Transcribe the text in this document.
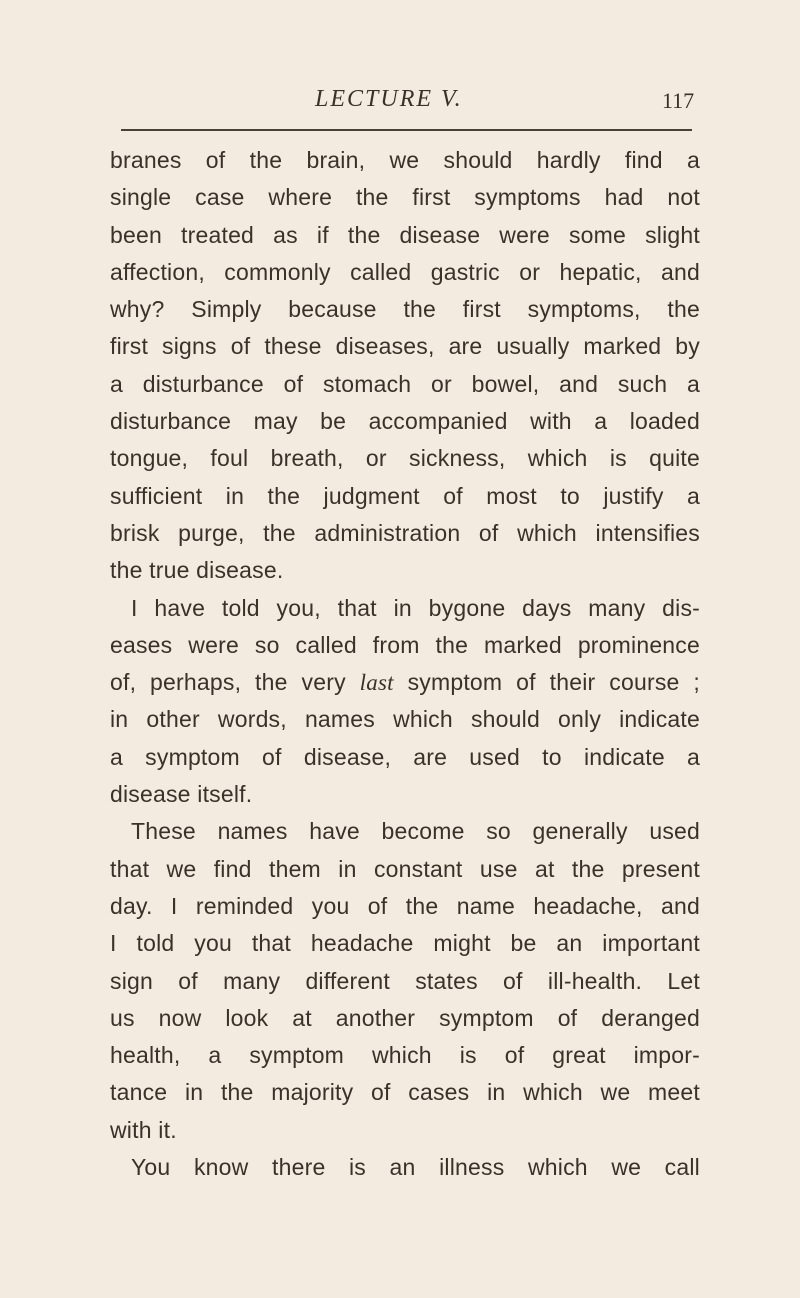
LECTURE V.	117
branes of the brain, we should hardly find a
single case where the first symptoms had not
been treated as if the disease were some slight
affection, commonly called gastric or hepatic, and
why? Simply because the first symptoms, the
first signs of these diseases, are usually marked by
a disturbance of stomach or bowel, and such a
disturbance may be accompanied with a loaded
tongue, foul breath, or sickness, which is quite
sufficient in the judgment of most to justify a
brisk purge, the administration of which intensifies
the true disease.
I have told you, that in bygone days many dis-
eases were so called from the marked prominence
of, perhaps, the very last symptom of their course ;
in other words, names which should only indicate
a symptom of disease, are used to indicate a
disease itself.
These names have become so generally used
that we find them in constant use at the present
day. I reminded you of the name headache, and
I told you that headache might be an important
sign of many different states of ill-health. Let
us now look at another symptom of deranged
health, a symptom which is of great impor-
tance in the majority of cases in which we meet
with it.
You know there is an illness which we call
